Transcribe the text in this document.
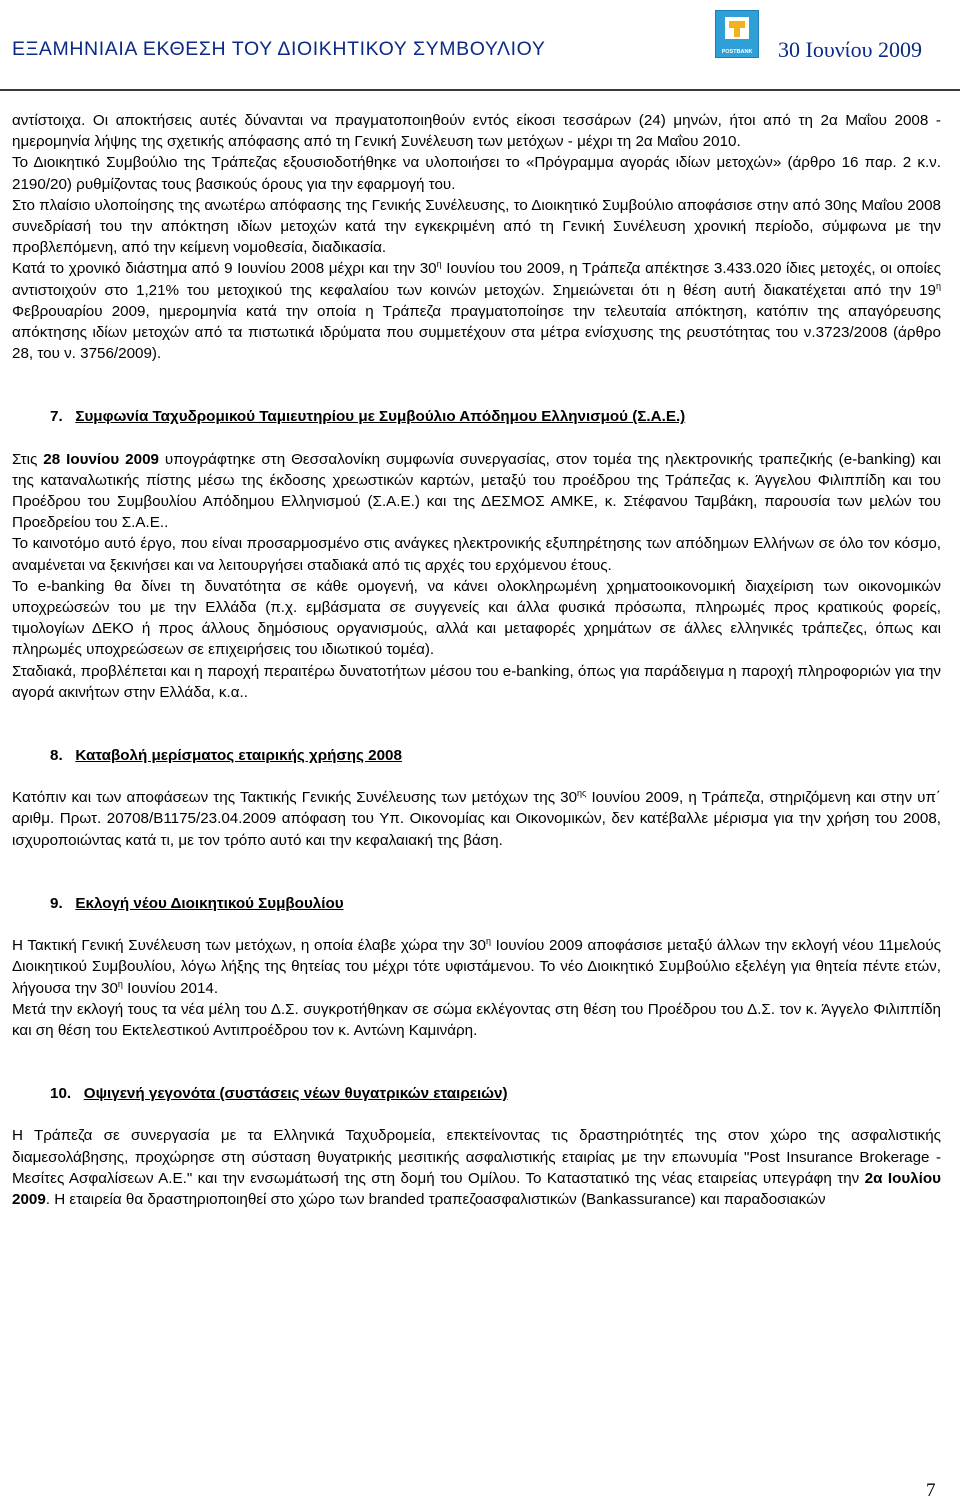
ΕΞΑΜΗΝΙΑΙΑ ΕΚΘΕΣΗ ΤΟΥ ΔΙΟΙΚΗΤΙΚΟΥ ΣΥΜΒΟΥΛΙΟΥ	POSTBANK 30 Ιουνίου 2009

αντίστοιχα. Οι αποκτήσεις αυτές δύνανται να πραγματοποιηθούν εντός είκοσι τεσσάρων (24) μηνών, ήτοι από τη 2α Μαΐου 2008 - ημερομηνία λήψης της σχετικής απόφασης από τη Γενική Συνέλευση των μετόχων - μέχρι τη 2α Μαΐου 2010.

Το Διοικητικό Συμβούλιο της Τράπεζας εξουσιοδοτήθηκε να υλοποιήσει το «Πρόγραμμα αγοράς ιδίων μετοχών» (άρθρο 16 παρ. 2 κ.ν. 2190/20) ρυθμίζοντας τους βασικούς όρους για την εφαρμογή του.

Στο πλαίσιο υλοποίησης της ανωτέρω απόφασης της Γενικής Συνέλευσης, το Διοικητικό Συμβούλιο αποφάσισε στην από 30ης Μαΐου 2008 συνεδρίασή του την απόκτηση ιδίων μετοχών κατά την εγκεκριμένη από τη Γενική Συνέλευση χρονική περίοδο, σύμφωνα με την προβλεπόμενη, από την κείμενη νομοθεσία, διαδικασία.

Κατά το χρονικό διάστημα από 9 Ιουνίου 2008 μέχρι και την $30^\eta$ Ιουνίου του 2009, η Τράπεζα απέκτησε 3.433.020 ίδιες μετοχές, οι οποίες αντιστοιχούν στο 1,21% του μετοχικού της κεφαλαίου των κοινών μετοχών. Σημειώνεται ότι η θέση αυτή διακατέχεται από την $19^\eta$ Φεβρουαρίου 2009, ημερομηνία κατά την οποία η Τράπεζα πραγματοποίησε την τελευταία απόκτηση, κατόπιν της απαγόρευσης απόκτησης ιδίων μετοχών από τα πιστωτικά ιδρύματα που συμμετέχουν στα μέτρα ενίσχυσης της ρευστότητας του ν.3723/2008 (άρθρο 28, του ν. 3756/2009).

7. Συμφωνία Ταχυδρομικού Ταμιευτηρίου με Συμβούλιο Απόδημου Ελληνισμού (Σ.Α.Ε.)

Στις 28 Ιουνίου 2009 υπογράφτηκε στη Θεσσαλονίκη συμφωνία συνεργασίας, στον τομέα της ηλεκτρονικής τραπεζικής (e-banking) και της καταναλωτικής πίστης μέσω της έκδοσης χρεωστικών καρτών, μεταξύ του προέδρου της Τράπεζας κ. Άγγελου Φιλιππίδη και του Προέδρου του Συμβουλίου Απόδημου Ελληνισμού (Σ.Α.Ε.) και της ΔΕΣΜΟΣ ΑΜΚΕ, κ. Στέφανου Ταμβάκη, παρουσία των μελών του Προεδρείου του Σ.Α.Ε..

Το καινοτόμο αυτό έργο, που είναι προσαρμοσμένο στις ανάγκες ηλεκτρονικής εξυπηρέτησης των απόδημων Ελλήνων σε όλο τον κόσμο, αναμένεται να ξεκινήσει και να λειτουργήσει σταδιακά από τις αρχές του ερχόμενου έτους.

Το e-banking θα δίνει τη δυνατότητα σε κάθε ομογενή, να κάνει ολοκληρωμένη χρηματοοικονομική διαχείριση των οικονομικών υποχρεώσεών του με την Ελλάδα (π.χ. εμβάσματα σε συγγενείς και άλλα φυσικά πρόσωπα, πληρωμές προς κρατικούς φορείς, τιμολογίων ΔΕΚΟ ή προς άλλους δημόσιους οργανισμούς, αλλά και μεταφορές χρημάτων σε άλλες ελληνικές τράπεζες, όπως και πληρωμές υποχρεώσεων σε επιχειρήσεις του ιδιωτικού τομέα).

Σταδιακά, προβλέπεται και η παροχή περαιτέρω δυνατοτήτων μέσου του e-banking, όπως για παράδειγμα η παροχή πληροφοριών για την αγορά ακινήτων στην Ελλάδα, κ.α..

8. Καταβολή μερίσματος εταιρικής χρήσης 2008

Κατόπιν και των αποφάσεων της Τακτικής Γενικής Συνέλευσης των μετόχων της $30^{\eta\varsigma}$ Ιουνίου 2009, η Τράπεζα, στηριζόμενη και στην υπ΄ αριθμ. Πρωτ. 20708/Β1175/23.04.2009 απόφαση του Υπ. Οικονομίας και Οικονομικών, δεν κατέβαλλε μέρισμα για την χρήση του 2008, ισχυροποιώντας κατά τι, με τον τρόπο αυτό και την κεφαλαιακή της βάση.

9. Εκλογή νέου Διοικητικού Συμβουλίου

Η Τακτική Γενική Συνέλευση των μετόχων, η οποία έλαβε χώρα την $30^\eta$ Ιουνίου 2009 αποφάσισε μεταξύ άλλων την εκλογή νέου 11μελούς Διοικητικού Συμβουλίου, λόγω λήξης της θητείας του μέχρι τότε υφιστάμενου. Το νέο Διοικητικό Συμβούλιο εξελέγη για θητεία πέντε ετών, λήγουσα την $30^\eta$ Ιουνίου 2014.

Μετά την εκλογή τους τα νέα μέλη του Δ.Σ. συγκροτήθηκαν σε σώμα εκλέγοντας στη θέση του Προέδρου του Δ.Σ. τον κ. Άγγελο Φιλιππίδη και ση θέση του Εκτελεστικού Αντιπροέδρου τον κ. Αντώνη Καμινάρη.

10. Οψιγενή γεγονότα (συστάσεις νέων θυγατρικών εταιρειών)

Η Τράπεζα σε συνεργασία με τα Ελληνικά Ταχυδρομεία, επεκτείνοντας τις δραστηριότητές της στον χώρο της ασφαλιστικής διαμεσολάβησης, προχώρησε στη σύσταση θυγατρικής μεσιτικής ασφαλιστικής εταιρίας με την επωνυμία "Post Insurance Brokerage - Μεσίτες Ασφαλίσεων Α.Ε." και την ενσωμάτωσή της στη δομή του Ομίλου. Το Καταστατικό της νέας εταιρείας υπεγράφη την 2α Ιουλίου 2009. Η εταιρεία θα δραστηριοποιηθεί στο χώρο των branded τραπεζοασφαλιστικών (Bankassurance) και παραδοσιακών

7
